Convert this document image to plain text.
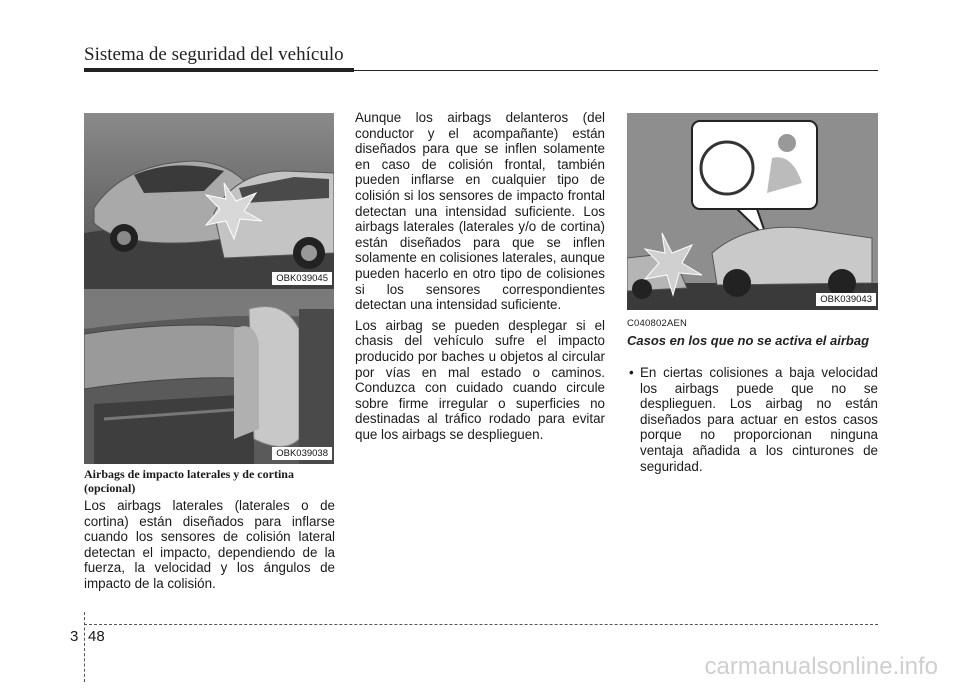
Sistema de seguridad del vehículo
OBK039045
OBK039038
Airbags de impacto laterales y de cortina (opcional)

Los airbags laterales (laterales o de cortina) están diseñados para inflarse cuando los sensores de colisión lateral detectan el impacto, dependiendo de la fuerza, la velocidad y los ángulos de impacto de la colisión.

Aunque los airbags delanteros (del conductor y el acompañante) están diseñados para que se inflen solamente en caso de colisión frontal, también pueden inflarse en cualquier tipo de colisión si los sensores de impacto frontal detectan una intensidad suficiente. Los airbags laterales (laterales y/o de cortina) están diseñados para que se inflen solamente en colisiones laterales, aunque pueden hacerlo en otro tipo de colisiones si los sensores correspondientes detectan una intensidad suficiente.

Los airbag se pueden desplegar si el chasis del vehículo sufre el impacto producido por baches u objetos al circular por vías en mal estado o caminos. Conduzca con cuidado cuando circule sobre firme irregular o superficies no destinadas al tráfico rodado para evitar que los airbags se desplieguen.

OBK039043
C040802AEN
Casos en los que no se activa el airbag
• En ciertas colisiones a baja velocidad los airbags puede que no se desplieguen. Los airbag no están diseñados para actuar en estos casos porque no proporcionan ninguna ventaja añadida a los cinturones de seguridad.
3 48
carmanualsonline.info
